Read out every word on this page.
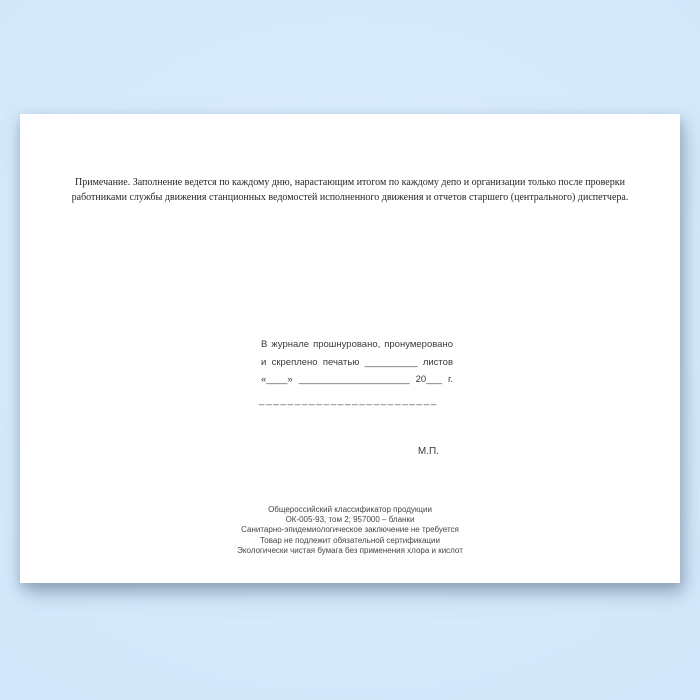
Примечание. Заполнение ведется по каждому дню, нарастающим итогом по каждому депо и организации только после проверки
работниками службы движения станционных ведомостей исполненного движения и отчетов старшего (центрального) диспетчера.
В журнале прошнуровано, пронумеровано
и скреплено печатью __________ листов
«____» _____________________ 20___ г.
_________________________
М.П.
Общероссийский классификатор продукции
ОК-005-93, том 2; 957000 – бланки
Санитарно-эпидемиологическое заключение не требуется
Товар не подлежит обязательной сертификации
Экологически чистая бумага без применения хлора и кислот
